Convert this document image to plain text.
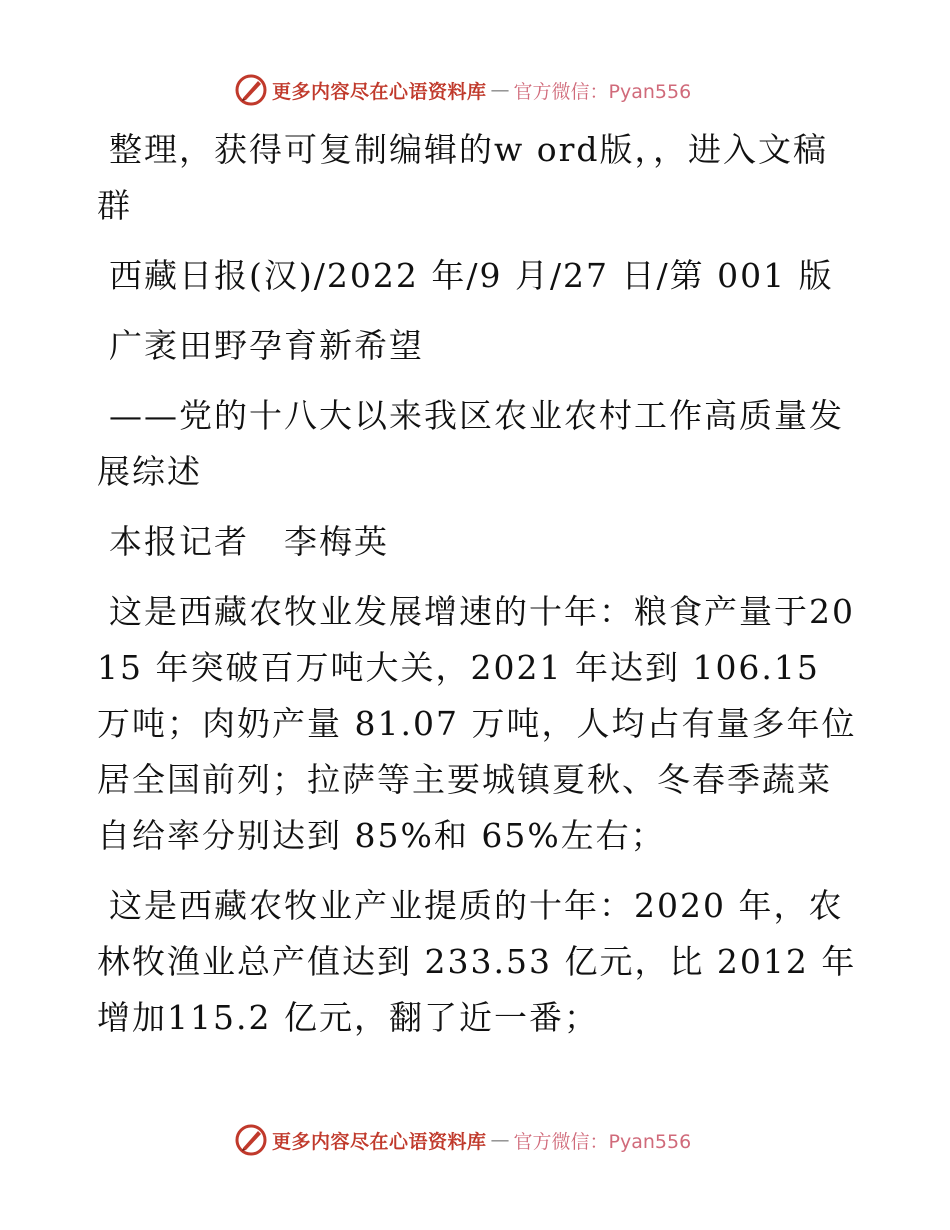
更多内容尽在心语资料库 — 官方微信：Pyan556

整理，获得可复制编辑的w ord版，，进入文稿群

西藏日报(汉)/2022 年/9 月/27 日/第 001 版

广袤田野孕育新希望

——党的十八大以来我区农业农村工作高质量发展综述

本报记者　李梅英

这是西藏农牧业发展增速的十年：粮食产量于2015 年突破百万吨大关，2021 年达到 106.15 万吨；肉奶产量 81.07 万吨，人均占有量多年位居全国前列；拉萨等主要城镇夏秋、冬春季蔬菜自给率分别达到 85%和 65%左右；

这是西藏农牧业产业提质的十年：2020 年，农林牧渔业总产值达到 233.53 亿元，比 2012 年增加115.2 亿元，翻了近一番；

更多内容尽在心语资料库 — 官方微信：Pyan556
